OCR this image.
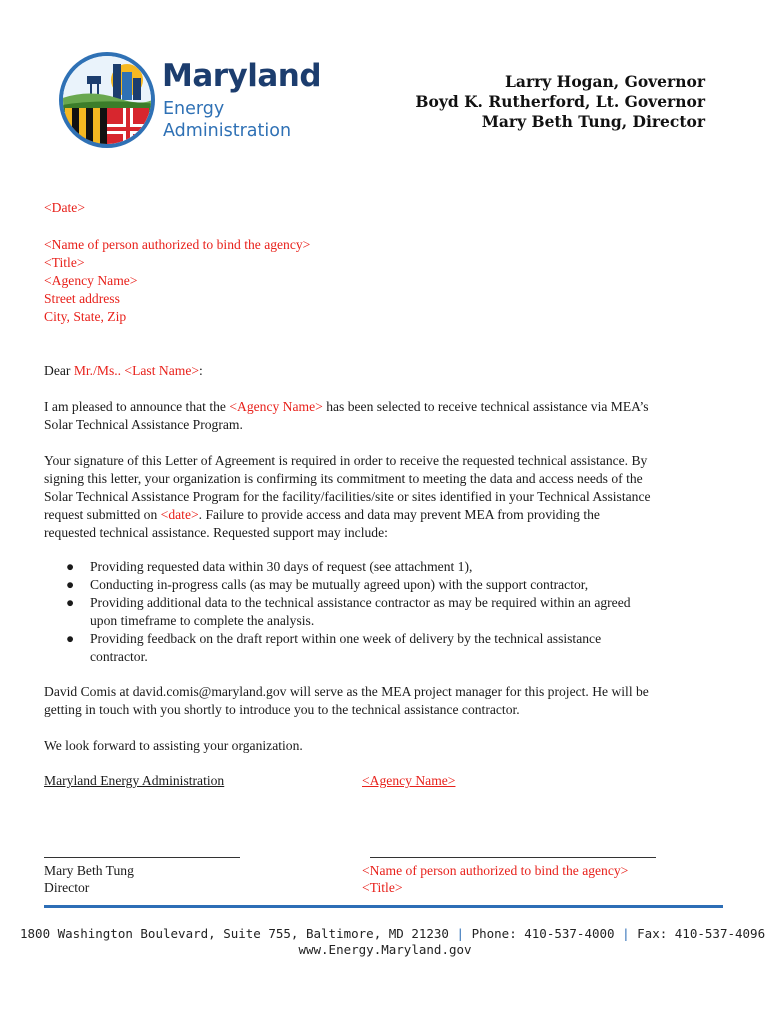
Maryland
Energy
Administration
Larry Hogan, Governor
Boyd K. Rutherford, Lt. Governor
Mary Beth Tung, Director
<Date>
<Name of person authorized to bind the agency>
<Title>
<Agency Name>
Street address
City, State, Zip
Dear Mr./Ms.. <Last Name>:
I am pleased to announce that the <Agency Name> has been selected to receive technical assistance via MEA’s
Solar Technical Assistance Program.
Your signature of this Letter of Agreement is required in order to receive the requested technical assistance. By
signing this letter, your organization is confirming its commitment to meeting the data and access needs of the
Solar Technical Assistance Program for the facility/facilities/site or sites identified in your Technical Assistance
request submitted on <date>. Failure to provide access and data may prevent MEA from providing the
requested technical assistance. Requested support may include:
● Providing requested data within 30 days of request (see attachment 1),
● Conducting in-progress calls (as may be mutually agreed upon) with the support contractor,
● Providing additional data to the technical assistance contractor as may be required within an agreed
upon timeframe to complete the analysis.
● Providing feedback on the draft report within one week of delivery by the technical assistance
contractor.
David Comis at david.comis@maryland.gov will serve as the MEA project manager for this project. He will be
getting in touch with you shortly to introduce you to the technical assistance contractor.
We look forward to assisting your organization.
Maryland Energy Administration	<Agency Name>
Mary Beth Tung
Director
<Name of person authorized to bind the agency>
<Title>
1800 Washington Boulevard, Suite 755, Baltimore, MD 21230 | Phone: 410-537-4000 | Fax: 410-537-4096
www.Energy.Maryland.gov
